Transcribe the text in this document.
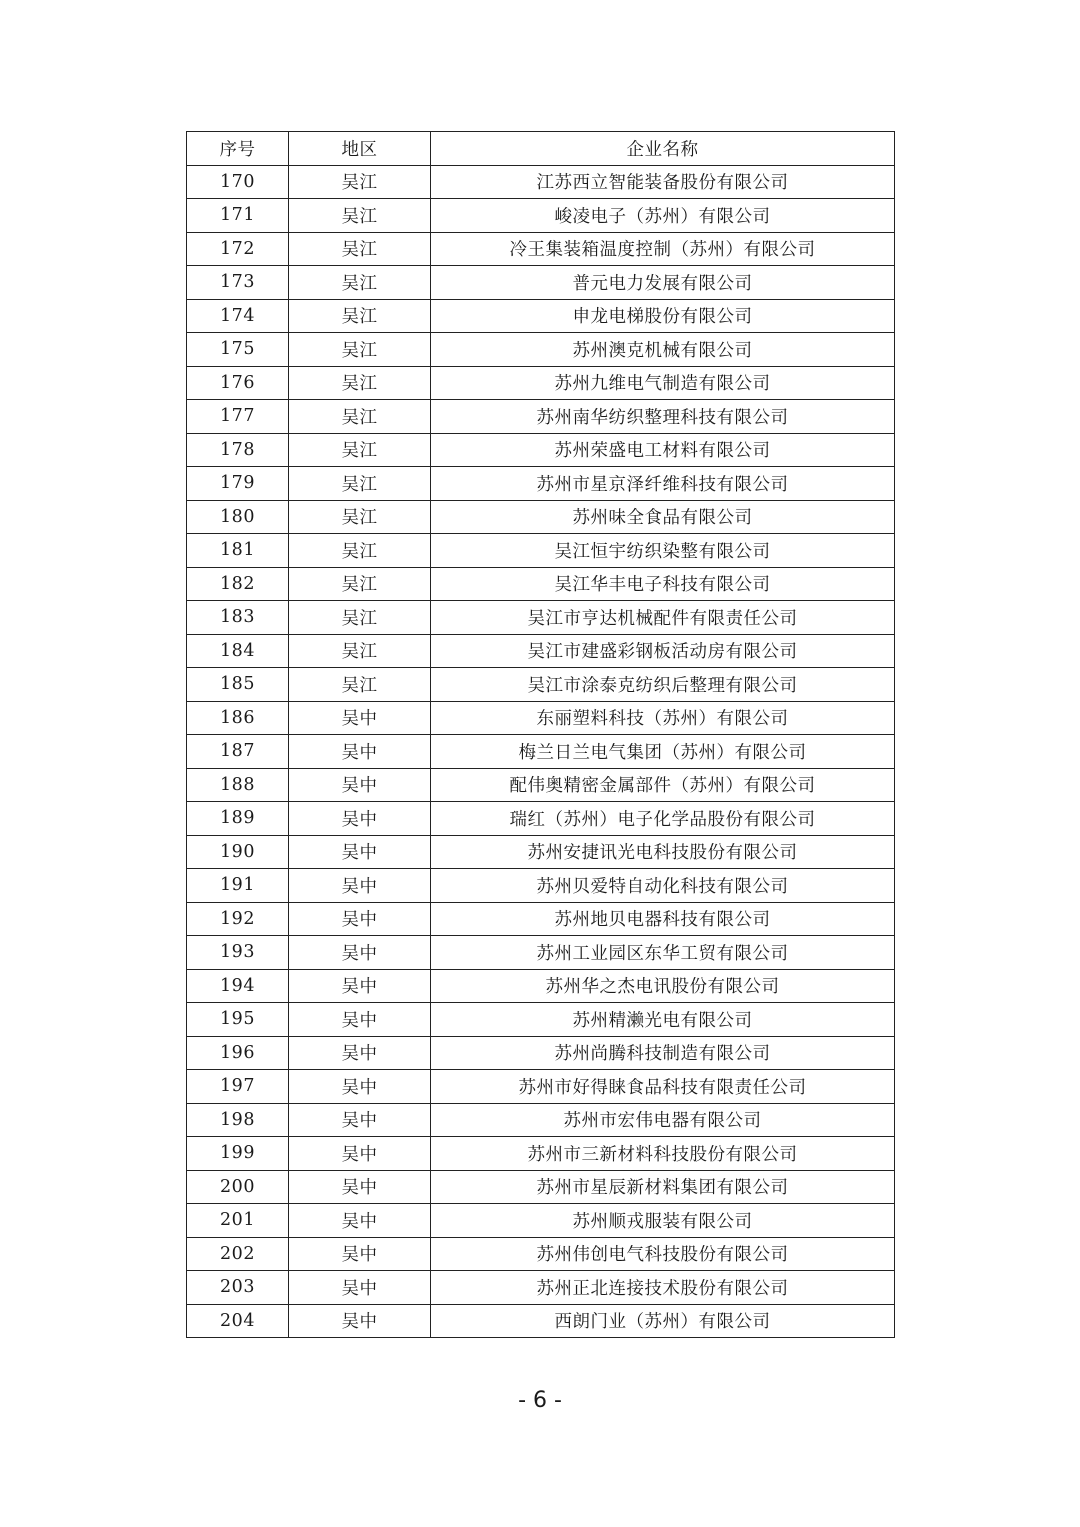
序号	地区	企业名称
170	吴江	江苏西立智能装备股份有限公司
171	吴江	峻凌电子（苏州）有限公司
172	吴江	冷王集装箱温度控制（苏州）有限公司
173	吴江	普元电力发展有限公司
174	吴江	申龙电梯股份有限公司
175	吴江	苏州澳克机械有限公司
176	吴江	苏州九维电气制造有限公司
177	吴江	苏州南华纺织整理科技有限公司
178	吴江	苏州荣盛电工材料有限公司
179	吴江	苏州市星京泽纤维科技有限公司
180	吴江	苏州味全食品有限公司
181	吴江	吴江恒宇纺织染整有限公司
182	吴江	吴江华丰电子科技有限公司
183	吴江	吴江市亨达机械配件有限责任公司
184	吴江	吴江市建盛彩钢板活动房有限公司
185	吴江	吴江市涂泰克纺织后整理有限公司
186	吴中	东丽塑料科技（苏州）有限公司
187	吴中	梅兰日兰电气集团（苏州）有限公司
188	吴中	配伟奥精密金属部件（苏州）有限公司
189	吴中	瑞红（苏州）电子化学品股份有限公司
190	吴中	苏州安捷讯光电科技股份有限公司
191	吴中	苏州贝爱特自动化科技有限公司
192	吴中	苏州地贝电器科技有限公司
193	吴中	苏州工业园区东华工贸有限公司
194	吴中	苏州华之杰电讯股份有限公司
195	吴中	苏州精濑光电有限公司
196	吴中	苏州尚腾科技制造有限公司
197	吴中	苏州市好得睐食品科技有限责任公司
198	吴中	苏州市宏伟电器有限公司
199	吴中	苏州市三新材料科技股份有限公司
200	吴中	苏州市星辰新材料集团有限公司
201	吴中	苏州顺戎服装有限公司
202	吴中	苏州伟创电气科技股份有限公司
203	吴中	苏州正北连接技术股份有限公司
204	吴中	西朗门业（苏州）有限公司
- 6 -
